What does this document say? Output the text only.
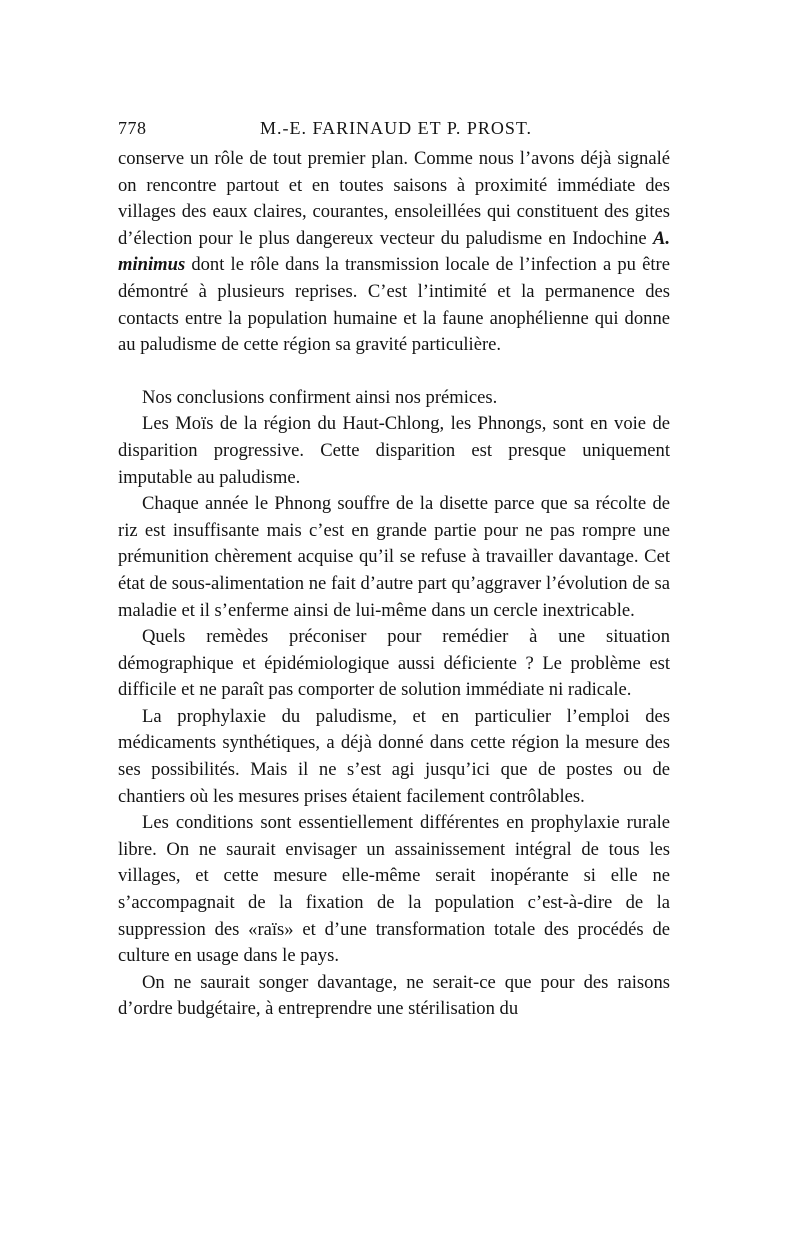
778	M.-E. FARINAUD ET P. PROST.

conserve un rôle de tout premier plan. Comme nous l’avons déjà signalé on rencontre partout et en toutes saisons à proximité immédiate des villages des eaux claires, courantes, ensoleillées qui constituent des gites d’élection pour le plus dangereux vecteur du paludisme en Indochine A. minimus dont le rôle dans la transmission locale de l’infection a pu être démontré à plusieurs reprises. C’est l’intimité et la permanence des contacts entre la population humaine et la faune anophélienne qui donne au paludisme de cette région sa gravité particulière.

Nos conclusions confirment ainsi nos prémices.

Les Moïs de la région du Haut-Chlong, les Phnongs, sont en voie de disparition progressive. Cette disparition est presque uniquement imputable au paludisme.

Chaque année le Phnong souffre de la disette parce que sa récolte de riz est insuffisante mais c’est en grande partie pour ne pas rompre une prémunition chèrement acquise qu’il se refuse à travailler davantage. Cet état de sous-alimentation ne fait d’autre part qu’aggraver l’évolution de sa maladie et il s’enferme ainsi de lui-même dans un cercle inextricable.

Quels remèdes préconiser pour remédier à une situation démographique et épidémiologique aussi déficiente ? Le problème est difficile et ne paraît pas comporter de solution immédiate ni radicale.

La prophylaxie du paludisme, et en particulier l’emploi des médicaments synthétiques, a déjà donné dans cette région la mesure des ses possibilités. Mais il ne s’est agi jusqu’ici que de postes ou de chantiers où les mesures prises étaient facilement contrôlables.

Les conditions sont essentiellement différentes en prophylaxie rurale libre. On ne saurait envisager un assainissement intégral de tous les villages, et cette mesure elle-même serait inopérante si elle ne s’accompagnait de la fixation de la population c’est-à-dire de la suppression des «raïs» et d’une transformation totale des procédés de culture en usage dans le pays.

On ne saurait songer davantage, ne serait-ce que pour des raisons d’ordre budgétaire, à entreprendre une stérilisation du
